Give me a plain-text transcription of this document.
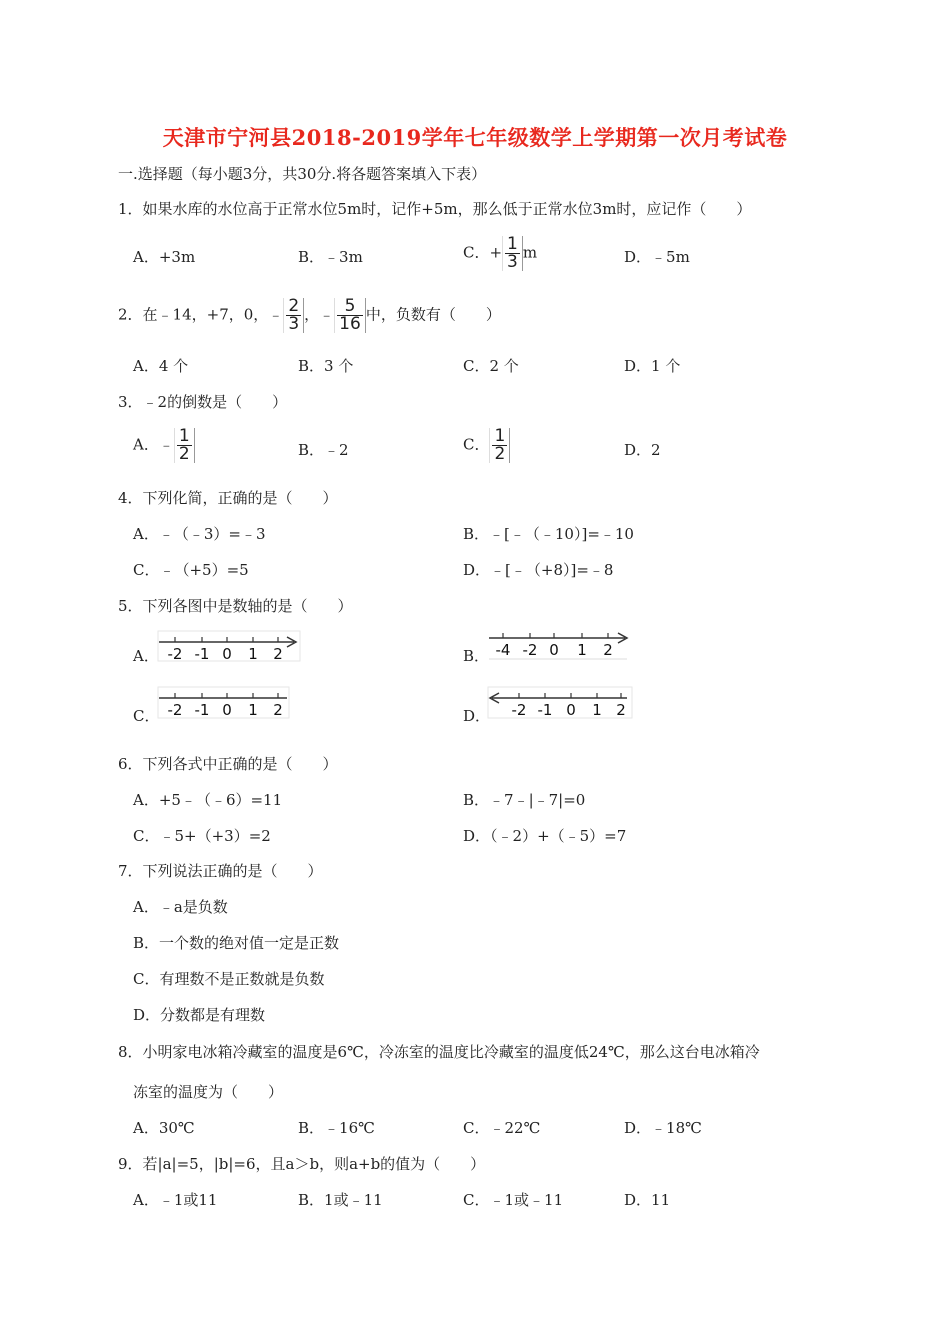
天津市宁河县2018-2019学年七年级数学上学期第一次月考试卷
一.选择题（每小题3分，共30分.将各题答案填入下表）
1．如果水库的水位高于正常水位5m时，记作+5m，那么低于正常水位3m时，应记作（　　）
A．+3m	B．﹣3m	C．+ $\frac{1}{3}$ m	D．﹣5m
2．在﹣14，+7，0，﹣ $\frac{2}{3}$ ，﹣ $\frac{5}{16}$ 中，负数有（　　）
A．4 个	B．3 个	C．2 个	D．1 个
3．﹣2的倒数是（　　）
A．﹣ $\frac{1}{2}$	B．﹣2	C． $\frac{1}{2}$	D．2
4．下列化简，正确的是（　　）
A．﹣（﹣3）=﹣3	B．﹣[﹣（﹣10）]=﹣10
C．﹣（+5）=5	D．﹣[﹣（+8）]=﹣8
5．下列各图中是数轴的是（　　）
A． -2 -1 0 1 2	B． -4 -2 0 1 2
C． -2 -1 0 1 2	D． -2 -1 0 1 2
6．下列各式中正确的是（　　）
A．+5﹣（﹣6）=11	B．﹣7﹣|﹣7|=0
C．﹣5+（+3）=2	D．（﹣2）+（﹣5）=7
7．下列说法正确的是（　　）
A．﹣a是负数
B．一个数的绝对值一定是正数
C．有理数不是正数就是负数
D．分数都是有理数
8．小明家电冰箱冷藏室的温度是6℃，冷冻室的温度比冷藏室的温度低24℃，那么这台电冰箱冷
冻室的温度为（　　）
A．30℃	B．﹣16℃	C．﹣22℃	D．﹣18℃
9．若|a|=5，|b|=6，且a＞b，则a+b的值为（　　）
A．﹣1或11	B．1或﹣11	C．﹣1或﹣11	D．11
